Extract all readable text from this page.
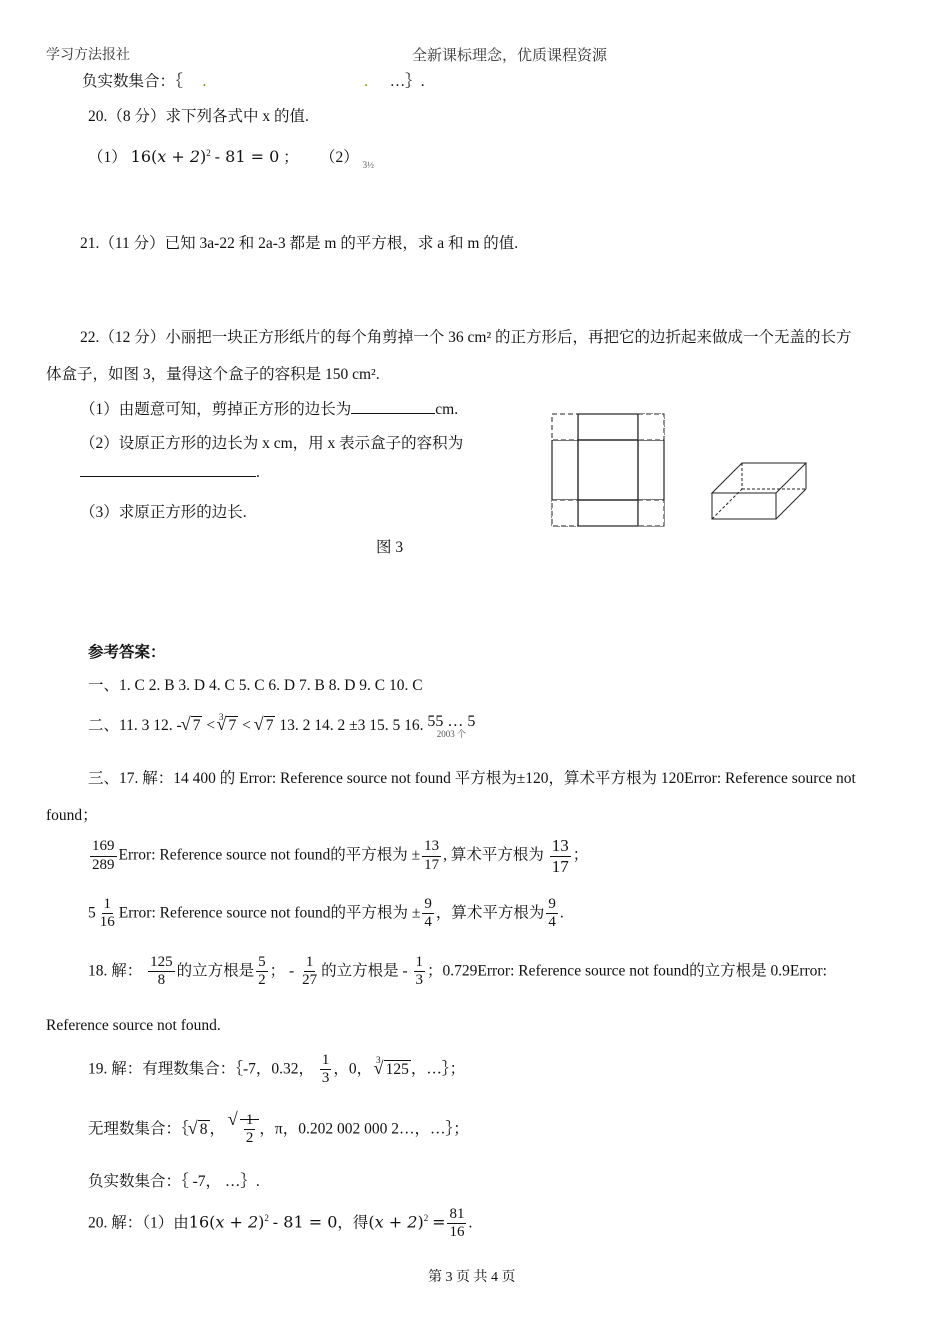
学习方法报社	全新课标理念，优质课程资源
负实数集合：｛ .	. …｝.
20.（8 分）求下列各式中 x 的值.
（1） $16(x + 2)^2 - 81 = 0$ ； （2） $_{3\frac{1}{2}}$
21.（11 分）已知 3a-22 和 2a-3 都是 m 的平方根，求 a 和 m 的值.
22.（12 分）小丽把一块正方形纸片的每个角剪掉一个 36 cm² 的正方形后，再把它的边折起来做成一个无盖的长方
体盒子，如图 3，量得这个盒子的容积是 150 cm².
（1）由题意可知，剪掉正方形的边长为	cm.
（2）设原正方形的边长为 x cm，用 x 表示盒子的容积为
.
（3）求原正方形的边长.
图 3
参考答案：
一、1. C 2. B 3. D 4. C 5. C 6. D 7. B 8. D 9. C 10. C
二、11. 3 12. - √ 7 < $^3$√ 7 < √ 7 13. 2 14. 2 ±3 15. 5 16. 55 … 5
2003 个
三、17. 解：14 400 的 Error: Reference source not found 平方根为±120，算术平方根为 120Error: Reference source not
found；
$\frac{169}{289}$ Error: Reference source not found的平方根为 ± $\frac{13}{17}$ , 算术平方根为 $\frac{13}{17}$ ；
$5 \frac{1}{16}$ Error: Reference source not found的平方根为 ± $\frac{9}{4}$ ，算术平方根为 $\frac{9}{4}$ .
18. 解： $\frac{125}{8}$ 的立方根是 $\frac{5}{2}$ ； - $\frac{1}{27}$ 的立方根是 - $\frac{1}{3}$ ；0.729Error: Reference source not found的立方根是 0.9Error:
Reference source not found.
19. 解：有理数集合：｛-7，0.32， $\frac{1}{3}$ ，0， $^3$√ 125 ，…｝；
无理数集合：｛ √ 8 ， √ $\frac{1}{2}$ ，π，0.202 002 000 2…，…｝；
负实数集合：｛ -7， …｝.
20. 解：（1）由$16(x + 2)^2 - 81 = 0$，得$(x + 2)^2 = \frac{81}{16}$ .
第 3 页 共 4 页
